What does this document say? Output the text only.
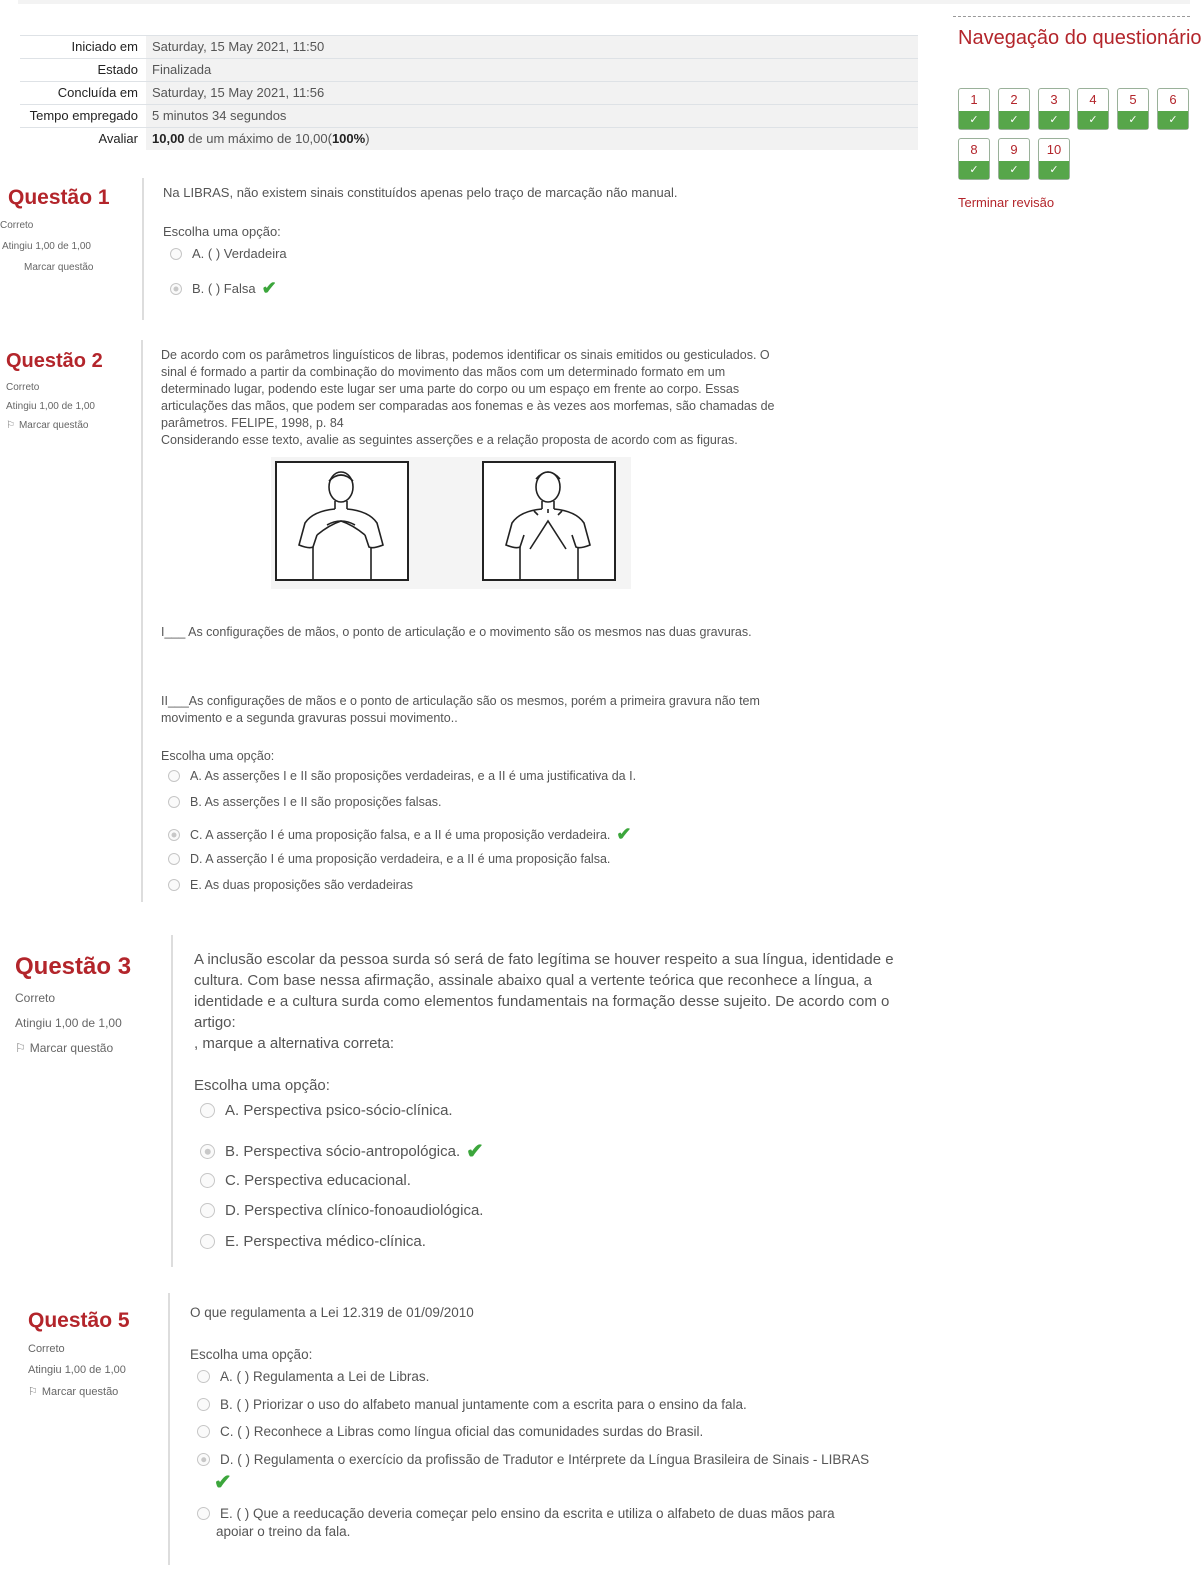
Iniciado em	Saturday, 15 May 2021, 11:50
Estado	Finalizada
Concluída em	Saturday, 15 May 2021, 11:56
Tempo empregado	5 minutos 34 segundos
Avaliar	10,00 de um máximo de 10,00(100%)
Navegação do questionário
1
✓
2
✓
3
✓
4
✓
5
✓
6
✓
8
✓
9
✓
10
✓
Terminar revisão
Questão 1
Correto
Atingiu 1,00 de 1,00
Marcar questão
Na LIBRAS, não existem sinais constituídos apenas pelo traço de marcação não manual.
Escolha uma opção:
A. ( ) Verdadeira
B. ( ) Falsa ✔
Questão 2
Correto
Atingiu 1,00 de 1,00
⚐ Marcar questão
De acordo com os parâmetros linguísticos de libras, podemos identificar os sinais emitidos ou gesticulados. O
sinal é formado a partir da combinação do movimento das mãos com um determinado formato em um
determinado lugar, podendo este lugar ser uma parte do corpo ou um espaço em frente ao corpo. Essas
articulações das mãos, que podem ser comparadas aos fonemas e às vezes aos morfemas, são chamadas de
parâmetros. FELIPE, 1998, p. 84
Considerando esse texto, avalie as seguintes asserções e a relação proposta de acordo com as figuras.
I___ As configurações de mãos, o ponto de articulação e o movimento são os mesmos nas duas gravuras.
II___As configurações de mãos e o ponto de articulação são os mesmos, porém a primeira gravura não tem
movimento e a segunda gravuras possui movimento..
Escolha uma opção:
A. As asserções I e II são proposições verdadeiras, e a II é uma justificativa da I.
B. As asserções I e II são proposições falsas.
C. A asserção I é uma proposição falsa, e a II é uma proposição verdadeira. ✔
D. A asserção I é uma proposição verdadeira, e a II é uma proposição falsa.
E. As duas proposições são verdadeiras
Questão 3
Correto
Atingiu 1,00 de 1,00
⚐ Marcar questão
A inclusão escolar da pessoa surda só será de fato legítima se houver respeito a sua língua, identidade e
cultura. Com base nessa afirmação, assinale abaixo qual a vertente teórica que reconhece a língua, a
identidade e a cultura surda como elementos fundamentais na formação desse sujeito. De acordo com o
artigo:
, marque a alternativa correta:
Escolha uma opção:
A. Perspectiva psico-sócio-clínica.
B. Perspectiva sócio-antropológica. ✔
C. Perspectiva educacional.
D. Perspectiva clínico-fonoaudiológica.
E. Perspectiva médico-clínica.
Questão 5
Correto
Atingiu 1,00 de 1,00
⚐ Marcar questão
O que regulamenta a Lei 12.319 de 01/09/2010
Escolha uma opção:
A. ( ) Regulamenta a Lei de Libras.
B. ( ) Priorizar o uso do alfabeto manual juntamente com a escrita para o ensino da fala.
C. ( ) Reconhece a Libras como língua oficial das comunidades surdas do Brasil.
D. ( ) Regulamenta o exercício da profissão de Tradutor e Intérprete da Língua Brasileira de Sinais - LIBRAS
✔
E. ( ) Que a reeducação deveria começar pelo ensino da escrita e utiliza o alfabeto de duas mãos para
apoiar o treino da fala.
